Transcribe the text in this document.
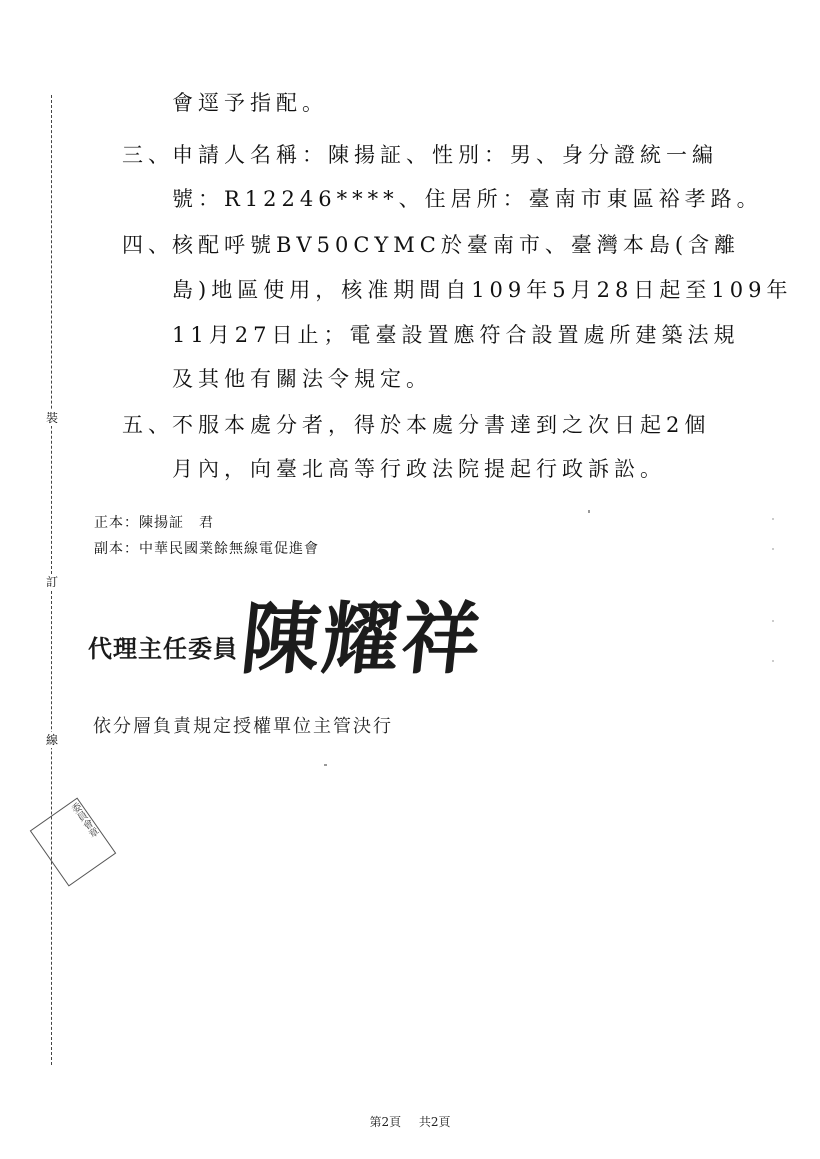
裝
訂
線
會逕予指配。
三、
申請人名稱：陳揚証、性別：男、身分證統一編
號：R12246****、住居所：臺南市東區裕孝路。
四、
核配呼號BV50CYMC於臺南市、臺灣本島(含離
島)地區使用，核准期間自109年5月28日起至109年
11月27日止；電臺設置應符合設置處所建築法規
及其他有關法令規定。
五、
不服本處分者，得於本處分書達到之次日起2個
月內，向臺北高等行政法院提起行政訴訟。
正本：陳揚証　君
副本：中華民國業餘無線電促進會
代理主任委員 陳耀祥
依分層負責規定授權單位主管決行
委員會章
第2頁 共2頁
